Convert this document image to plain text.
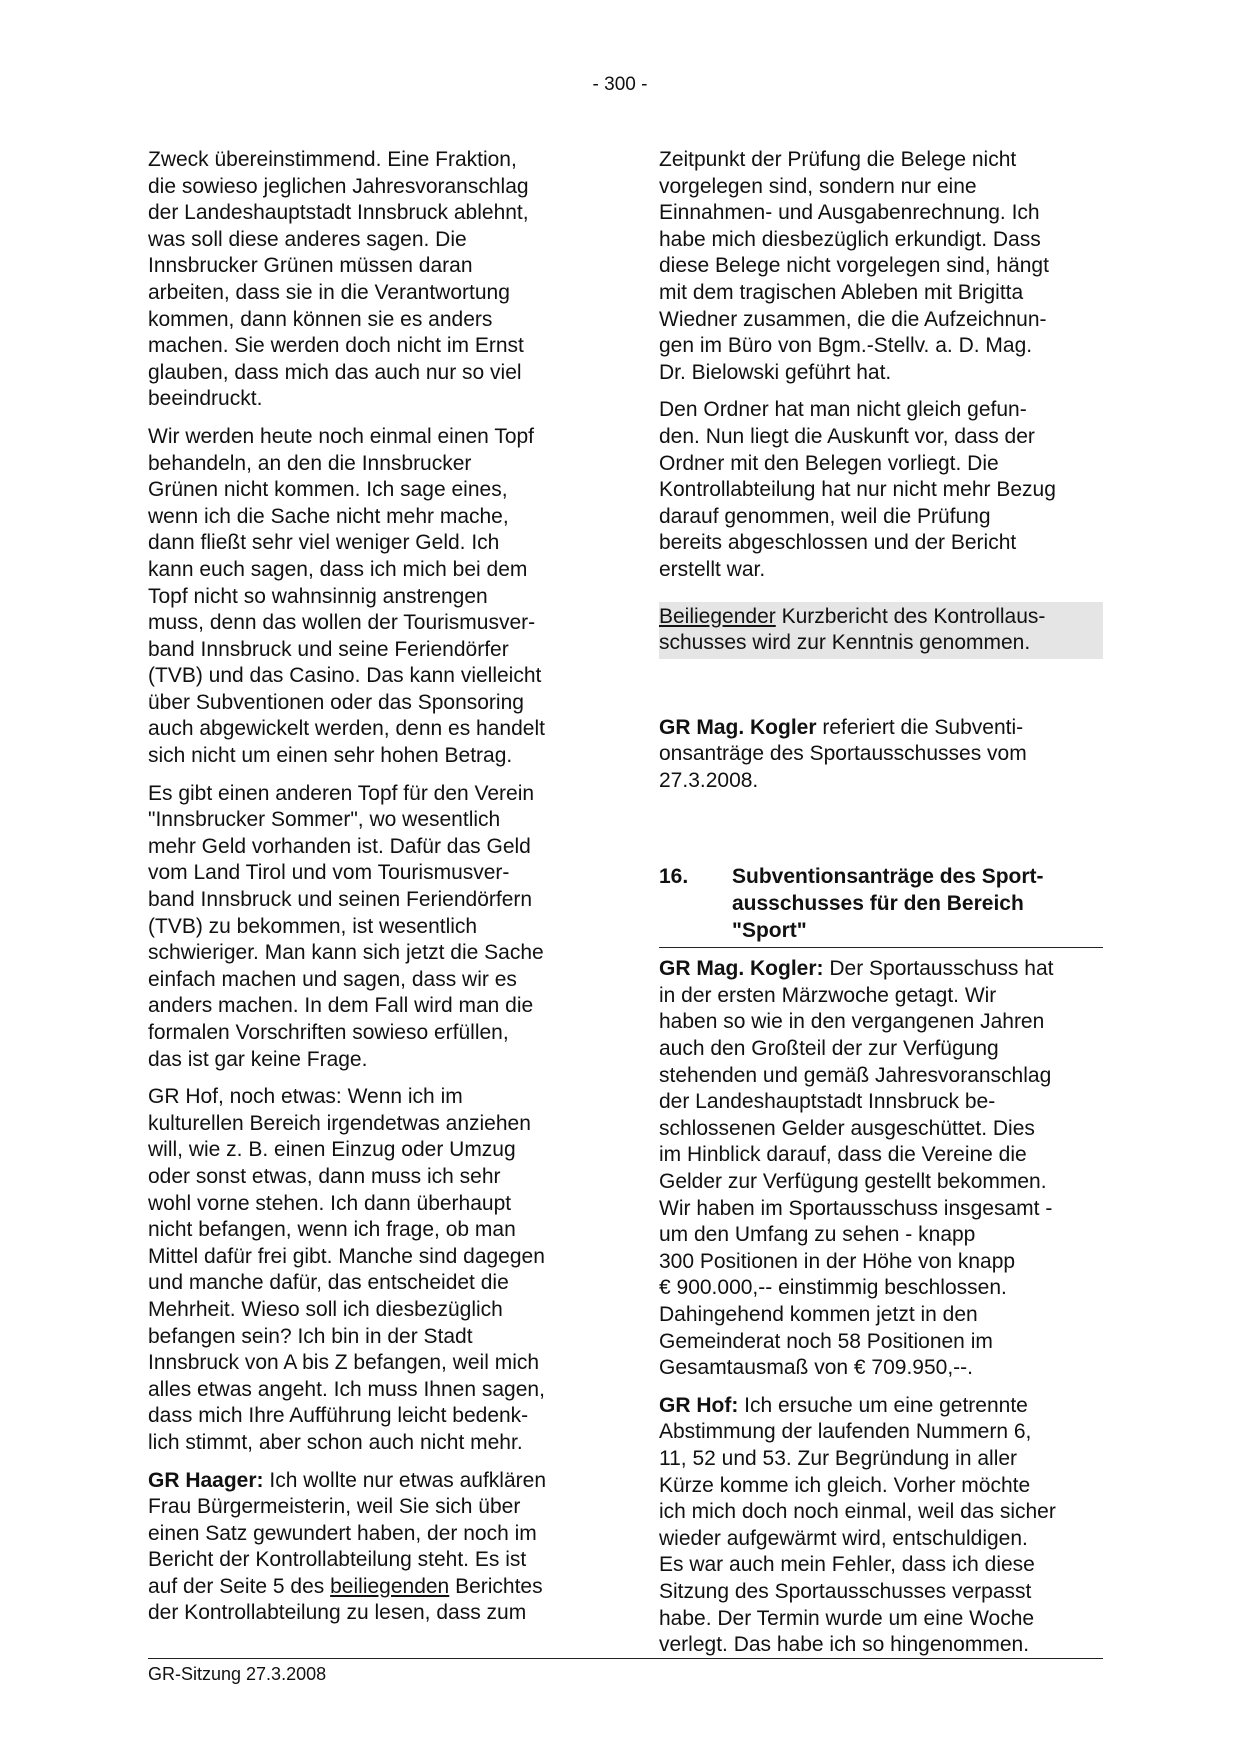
- 300 -

Zweck übereinstimmend. Eine Fraktion,
die sowieso jeglichen Jahresvoranschlag
der Landeshauptstadt Innsbruck ablehnt,
was soll diese anderes sagen. Die
Innsbrucker Grünen müssen daran
arbeiten, dass sie in die Verantwortung
kommen, dann können sie es anders
machen. Sie werden doch nicht im Ernst
glauben, dass mich das auch nur so viel
beeindruckt.

Wir werden heute noch einmal einen Topf
behandeln, an den die Innsbrucker
Grünen nicht kommen. Ich sage eines,
wenn ich die Sache nicht mehr mache,
dann fließt sehr viel weniger Geld. Ich
kann euch sagen, dass ich mich bei dem
Topf nicht so wahnsinnig anstrengen
muss, denn das wollen der Tourismusver-
band Innsbruck und seine Feriendörfer
(TVB) und das Casino. Das kann vielleicht
über Subventionen oder das Sponsoring
auch abgewickelt werden, denn es handelt
sich nicht um einen sehr hohen Betrag.

Es gibt einen anderen Topf für den Verein
"Innsbrucker Sommer", wo wesentlich
mehr Geld vorhanden ist. Dafür das Geld
vom Land Tirol und vom Tourismusver-
band Innsbruck und seinen Feriendörfern
(TVB) zu bekommen, ist wesentlich
schwieriger. Man kann sich jetzt die Sache
einfach machen und sagen, dass wir es
anders machen. In dem Fall wird man die
formalen Vorschriften sowieso erfüllen,
das ist gar keine Frage.

GR Hof, noch etwas: Wenn ich im
kulturellen Bereich irgendetwas anziehen
will, wie z. B. einen Einzug oder Umzug
oder sonst etwas, dann muss ich sehr
wohl vorne stehen. Ich dann überhaupt
nicht befangen, wenn ich frage, ob man
Mittel dafür frei gibt. Manche sind dagegen
und manche dafür, das entscheidet die
Mehrheit. Wieso soll ich diesbezüglich
befangen sein? Ich bin in der Stadt
Innsbruck von A bis Z befangen, weil mich
alles etwas angeht. Ich muss Ihnen sagen,
dass mich Ihre Aufführung leicht bedenk-
lich stimmt, aber schon auch nicht mehr.

GR Haager: Ich wollte nur etwas aufklären
Frau Bürgermeisterin, weil Sie sich über
einen Satz gewundert haben, der noch im
Bericht der Kontrollabteilung steht. Es ist
auf der Seite 5 des beiliegenden Berichtes
der Kontrollabteilung zu lesen, dass zum

Zeitpunkt der Prüfung die Belege nicht
vorgelegen sind, sondern nur eine
Einnahmen- und Ausgabenrechnung. Ich
habe mich diesbezüglich erkundigt. Dass
diese Belege nicht vorgelegen sind, hängt
mit dem tragischen Ableben mit Brigitta
Wiedner zusammen, die die Aufzeichnun-
gen im Büro von Bgm.-Stellv. a. D. Mag.
Dr. Bielowski geführt hat.

Den Ordner hat man nicht gleich gefun-
den. Nun liegt die Auskunft vor, dass der
Ordner mit den Belegen vorliegt. Die
Kontrollabteilung hat nur nicht mehr Bezug
darauf genommen, weil die Prüfung
bereits abgeschlossen und der Bericht
erstellt war.

Beiliegender Kurzbericht des Kontrollaus-
schusses wird zur Kenntnis genommen.

GR Mag. Kogler referiert die Subventi-
onsanträge des Sportausschusses vom
27.3.2008.

16. Subventionsanträge des Sport-
ausschusses für den Bereich
"Sport"

GR Mag. Kogler: Der Sportausschuss hat
in der ersten Märzwoche getagt. Wir
haben so wie in den vergangenen Jahren
auch den Großteil der zur Verfügung
stehenden und gemäß Jahresvoranschlag
der Landeshauptstadt Innsbruck be-
schlossenen Gelder ausgeschüttet. Dies
im Hinblick darauf, dass die Vereine die
Gelder zur Verfügung gestellt bekommen.
Wir haben im Sportausschuss insgesamt -
um den Umfang zu sehen - knapp
300 Positionen in der Höhe von knapp
€ 900.000,-- einstimmig beschlossen.
Dahingehend kommen jetzt in den
Gemeinderat noch 58 Positionen im
Gesamtausmaß von € 709.950,--.

GR Hof: Ich ersuche um eine getrennte
Abstimmung der laufenden Nummern 6,
11, 52 und 53. Zur Begründung in aller
Kürze komme ich gleich. Vorher möchte
ich mich doch noch einmal, weil das sicher
wieder aufgewärmt wird, entschuldigen.
Es war auch mein Fehler, dass ich diese
Sitzung des Sportausschusses verpasst
habe. Der Termin wurde um eine Woche
verlegt. Das habe ich so hingenommen.

GR-Sitzung 27.3.2008
